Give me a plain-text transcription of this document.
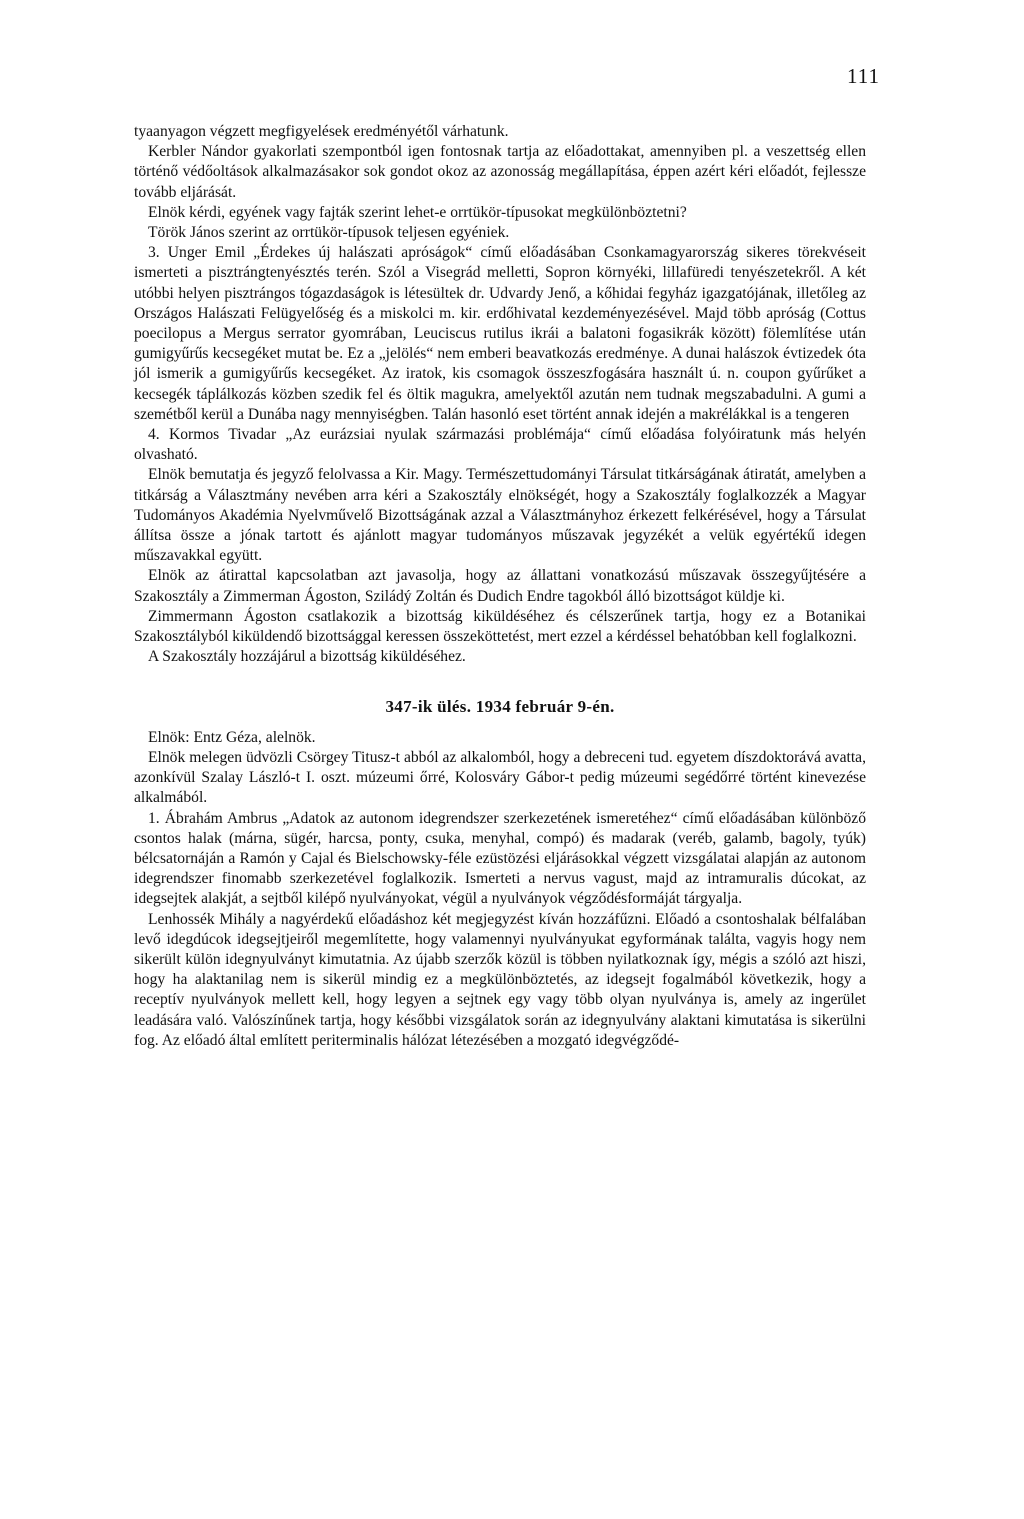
111

tyaanyagon végzett megfigyelések eredményétől várhatunk.

Kerbler Nándor gyakorlati szempontból igen fontosnak tartja az előadottakat, amennyiben pl. a veszettség ellen történő védőoltások alkalmazásakor sok gondot okoz az azonosság megállapítása, éppen azért kéri előadót, fejlessze tovább eljárását.

Elnök kérdi, egyének vagy fajták szerint lehet-e orrtükör-típusokat megkülönböztetni?

Török János szerint az orrtükör-típusok teljesen egyéniek.

3. Unger Emil „Érdekes új halászati apróságok“ című előadásában Csonkamagyarország sikeres törekvéseit ismerteti a pisztrángtenyésztés terén. Szól a Visegrád melletti, Sopron környéki, lillafüredi tenyészetekről. A két utóbbi helyen pisztrángos tógazdaságok is létesültek dr. Udvardy Jenő, a kőhidai fegyház igazgatójának, illetőleg az Országos Halászati Felügyelőség és a miskolci m. kir. erdőhivatal kezdeményezésével. Majd több apróság (Cottus poecilopus a Mergus serrator gyomrában, Leuciscus rutilus ikrái a balatoni fogasikrák között) fölemlítése után gumigyűrűs kecsegéket mutat be. Ez a „jelölés“ nem emberi beavatkozás eredménye. A dunai halászok évtizedek óta jól ismerik a gumigyűrűs kecsegéket. Az iratok, kis csomagok összeszfogására használt ú. n. coupon gyűrűket a kecsegék táplálkozás közben szedik fel és öltik magukra, amelyektől azután nem tudnak megszabadulni. A gumi a szemétből kerül a Dunába nagy mennyiségben. Talán hasonló eset történt annak idején a makrélákkal is a tengeren

4. Kormos Tivadar „Az eurázsiai nyulak származási problémája“ című előadása folyóiratunk más helyén olvasható.

Elnök bemutatja és jegyző felolvassa a Kir. Magy. Természettudományi Társulat titkárságának átiratát, amelyben a titkárság a Választmány nevében arra kéri a Szakosztály elnökségét, hogy a Szakosztály foglalkozzék a Magyar Tudományos Akadémia Nyelvművelő Bizottságának azzal a Választmányhoz érkezett felkérésével, hogy a Társulat állítsa össze a jónak tartott és ajánlott magyar tudományos műszavak jegyzékét a velük egyértékű idegen műszavakkal együtt.

Elnök az átirattal kapcsolatban azt javasolja, hogy az állattani vonatkozású műszavak összegyűjtésére a Szakosztály a Zimmerman Ágoston, Sziládý Zoltán és Dudich Endre tagokból álló bizottságot küldje ki.

Zimmermann Ágoston csatlakozik a bizottság kiküldéséhez és célszerűnek tartja, hogy ez a Botanikai Szakosztályból kiküldendő bizottsággal keressen összeköttetést, mert ezzel a kérdéssel behatóbban kell foglalkozni.

A Szakosztály hozzájárul a bizottság kiküldéséhez.

347-ik ülés. 1934 február 9-én.

Elnök: Entz Géza, alelnök.

Elnök melegen üdvözli Csörgey Titusz-t abból az alkalomból, hogy a debreceni tud. egyetem díszdoktorává avatta, azonkívül Szalay László-t I. oszt. múzeumi őrré, Kolosváry Gábor-t pedig múzeumi segédőrré történt kinevezése alkalmából.

1. Ábrahám Ambrus „Adatok az autonom idegrendszer szerkezetének ismeretéhez“ című előadásában különböző csontos halak (márna, sügér, harcsa, ponty, csuka, menyhal, compó) és madarak (veréb, galamb, bagoly, tyúk) bélcsatornáján a Ramón y Cajal és Bielschowsky-féle ezüstözési eljárásokkal végzett vizsgálatai alapján az autonom idegrendszer finomabb szerkezetével foglalkozik. Ismerteti a nervus vagust, majd az intramuralis dúcokat, az idegsejtek alakját, a sejtből kilépő nyulványokat, végül a nyulványok végződésformáját tárgyalja.

Lenhossék Mihály a nagyérdekű előadáshoz két megjegyzést kíván hozzáfűzni. Előadó a csontoshalak bélfalában levő idegdúcok idegsejtjeiről megemlítette, hogy valamennyi nyulványukat egyformának találta, vagyis hogy nem sikerült külön idegnyulványt kimutatnia. Az újabb szerzők közül is többen nyilatkoznak így, mégis a szóló azt hiszi, hogy ha alaktanilag nem is sikerül mindig ez a megkülönböztetés, az idegsejt fogalmából következik, hogy a receptív nyulványok mellett kell, hogy legyen a sejtnek egy vagy több olyan nyulványa is, amely az ingerület leadására való. Valószínűnek tartja, hogy későbbi vizsgálatok során az idegnyulvány alaktani kimutatása is sikerülni fog. Az előadó által említett periterminalis hálózat létezésében a mozgató idegvégződé-
